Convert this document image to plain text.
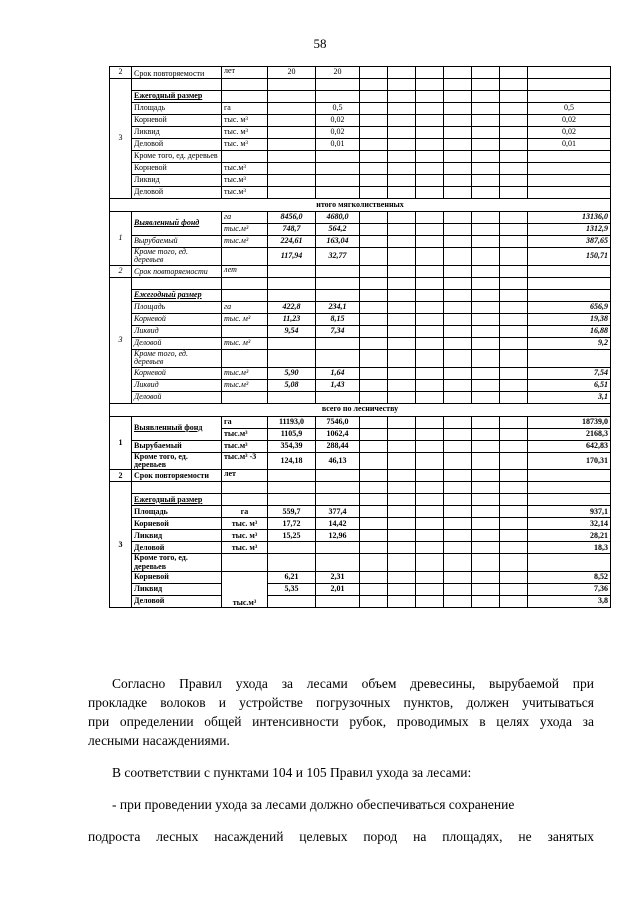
58
2	Срок повторяемости	лет	20	20							
3											
	Ежегодный размер										
	Площадь	га		0,5							0,5
	Корневой	тыс. м³		0,02							0,02
	Ликвид	тыс. м³		0,02							0,02
	Деловой	тыс. м³		0,01							0,01
	Кроме того, ед. деревьев										
	Корневой	тыс.м³									
	Ликвид	тыс.м³									
	Деловой	тыс.м³									
итого мягколиственных											
1	Выявленный фонд	га	8456,0	4680,0							13136,0
		тыс.м³	748,7	564,2							1312,9
	Вырубаемый	тыс.м³	224,61	163,04							387,65
	Кроме того, ед. деревьев		117,94	32,77							150,71
2	Срок повторяемости	лет									
3											
	Ежегодный размер										
	Площадь	га	422,8	234,1							656,9
	Корневой	тыс. м³	11,23	8,15							19,38
	Ликвид		9,54	7,34							16,88
	Деловой	тыс. м³									9,2
	Кроме того, ед. деревьев										
	Корневой	тыс.м³	5,90	1,64							7,54
	Ликвид	тыс.м³	5,08	1,43							6,51
	Деловой										3,1
всего по лесничеству											
1	Выявленный фонд	га	11193,0	7546,0							18739,0
		тыс.м³	1105,9	1062,4							2168,3
	Вырубаемый	тыс.м³	354,39	288,44							642,83
	Кроме того, ед. деревьев	тыс.м³ -3	124,18	46,13							170,31
2	Срок повторяемости	лет									
3											
	Ежегодный размер										
	Площадь	га	559,7	377,4							937,1
	Корневой	тыс. м³	17,72	14,42							32,14
	Ликвид	тыс. м³	15,25	12,96							28,21
	Деловой	тыс. м³									18,3
	Кроме того, ед. деревьев										
	Корневой	тыс.м³	6,21	2,31							8,52
	Ликвид		5,35	2,01							7,36
	Деловой										3,8
Согласно Правил ухода за лесами объем древесины, вырубаемой при
прокладке волоков и устройстве погрузочных пунктов, должен учитываться
при определении общей интенсивности рубок, проводимых в целях ухода за
лесными насаждениями.
В соответствии с пунктами 104 и 105 Правил ухода за лесами:
- при проведении ухода за лесами должно обеспечиваться сохранение
подроста лесных насаждений целевых пород на площадях, не занятых
